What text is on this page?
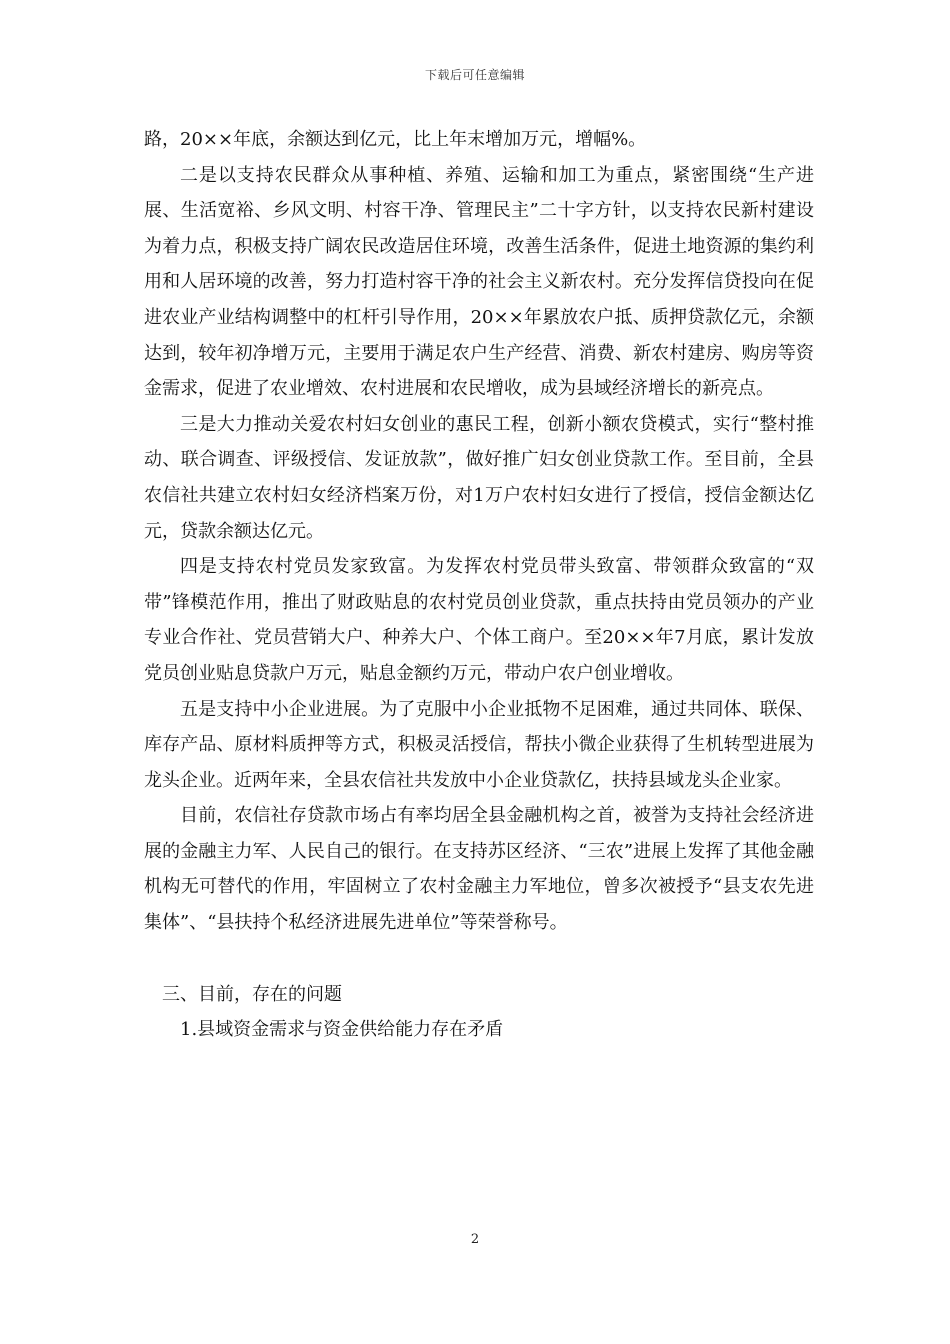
下载后可任意编辑

路，20××年底，余额达到亿元，比上年末增加万元，增幅%。

二是以支持农民群众从事种植、养殖、运输和加工为重点，紧密围绕“生产进展、生活宽裕、乡风文明、村容干净、管理民主”二十字方针，以支持农民新村建设为着力点，积极支持广阔农民改造居住环境，改善生活条件，促进土地资源的集约利用和人居环境的改善，努力打造村容干净的社会主义新农村。充分发挥信贷投向在促进农业产业结构调整中的杠杆引导作用，20××年累放农户抵、质押贷款亿元，余额达到，较年初净增万元，主要用于满足农户生产经营、消费、新农村建房、购房等资金需求，促进了农业增效、农村进展和农民增收，成为县域经济增长的新亮点。

三是大力推动关爱农村妇女创业的惠民工程，创新小额农贷模式，实行“整村推动、联合调查、评级授信、发证放款”，做好推广妇女创业贷款工作。至目前，全县农信社共建立农村妇女经济档案万份，对1万户农村妇女进行了授信，授信金额达亿元，贷款余额达亿元。

四是支持农村党员发家致富。为发挥农村党员带头致富、带领群众致富的“双带”锋模范作用，推出了财政贴息的农村党员创业贷款，重点扶持由党员领办的产业专业合作社、党员营销大户、种养大户、个体工商户。至20××年7月底，累计发放党员创业贴息贷款户万元，贴息金额约万元，带动户农户创业增收。

五是支持中小企业进展。为了克服中小企业抵物不足困难，通过共同体、联保、库存产品、原材料质押等方式，积极灵活授信，帮扶小微企业获得了生机转型进展为龙头企业。近两年来，全县农信社共发放中小企业贷款亿，扶持县域龙头企业家。

目前，农信社存贷款市场占有率均居全县金融机构之首，被誉为支持社会经济进展的金融主力军、人民自己的银行。在支持苏区经济、“三农”进展上发挥了其他金融机构无可替代的作用，牢固树立了农村金融主力军地位，曾多次被授予“县支农先进集体”、“县扶持个私经济进展先进单位”等荣誉称号。

三、目前，存在的问题

1.县域资金需求与资金供给能力存在矛盾

2
